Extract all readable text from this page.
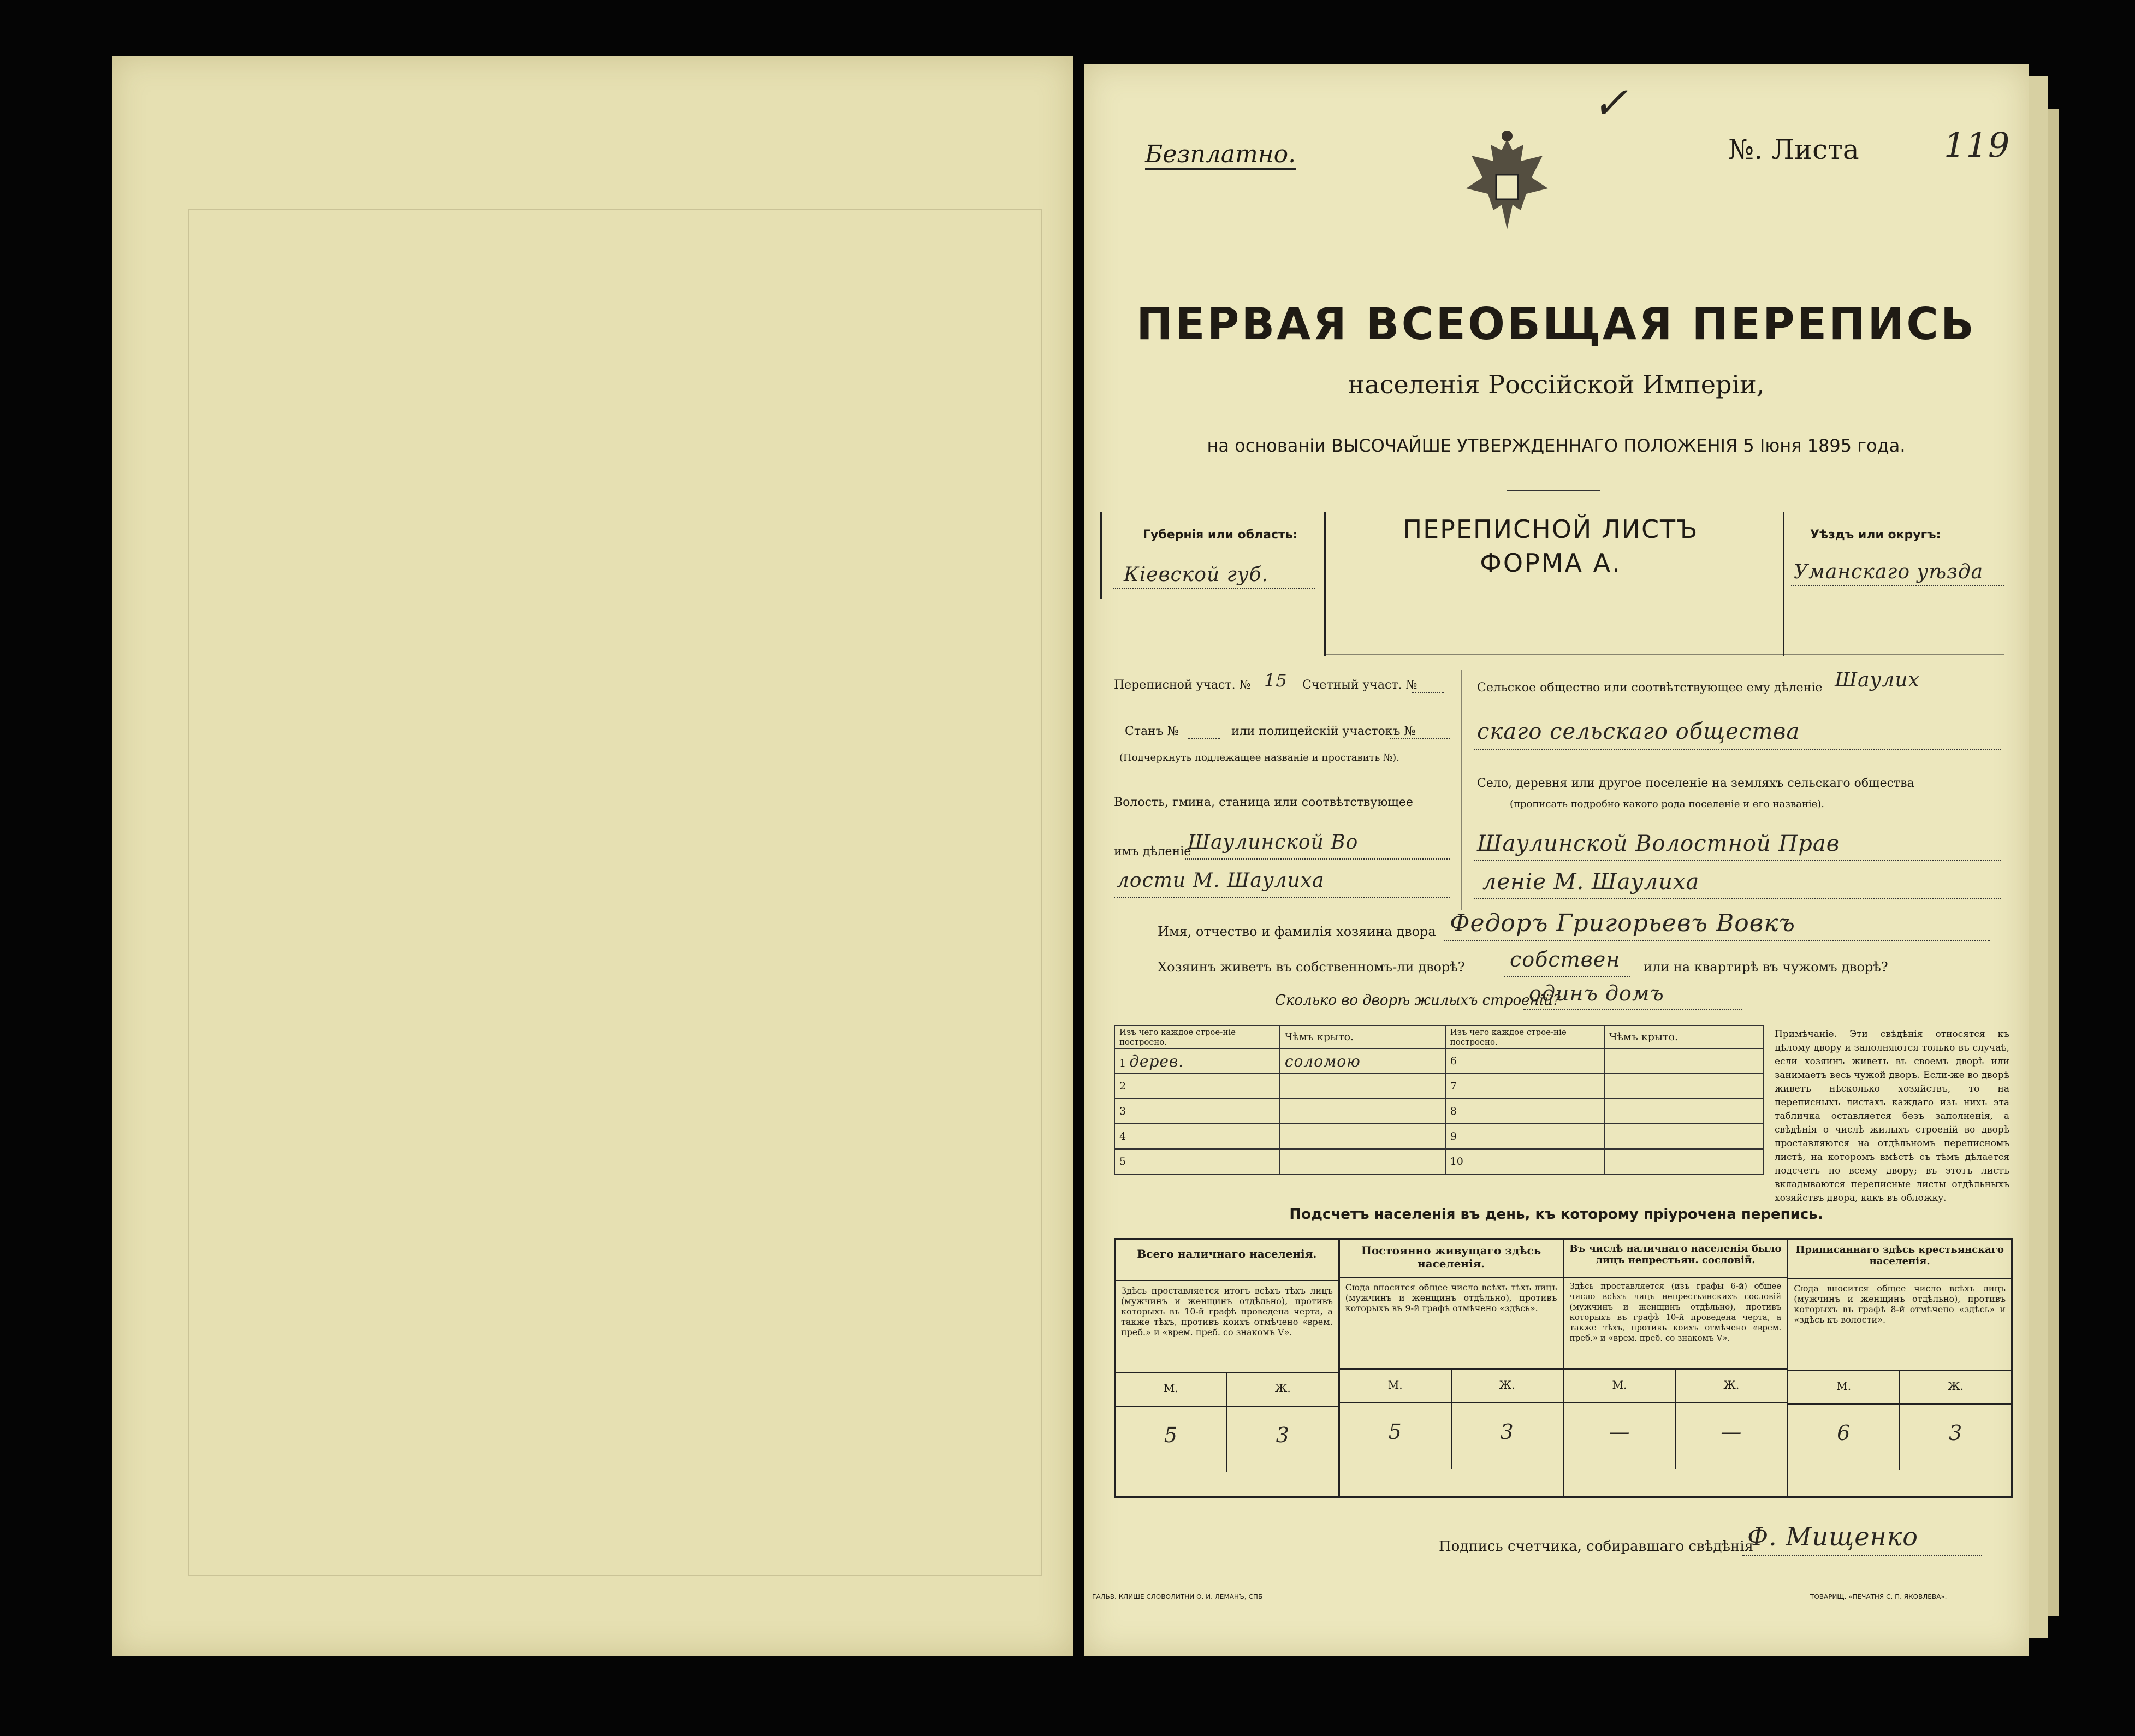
✓
Безплатно.	№. Листа	119
ПЕРВАЯ ВСЕОБЩАЯ ПЕРЕПИСЬ
населенія Россійской Имперіи,
на основаніи ВЫСОЧАЙШЕ УТВЕРЖДЕННАГО ПОЛОЖЕНІЯ 5 Іюня 1895 года.
Губернія или область:
Кіевской губ.
ПЕРЕПИСНОЙ ЛИСТЪ
ФОРМА А.
Уѣздъ или округъ:
Уманскаго уѣзда
Переписной участ. № 15 Счетный участ. №
Станъ №	или полицейскій участокъ №
(Подчеркнуть подлежащее названіе и проставить №).
Волость, гмина, станица или соотвѣтствующее
имъ дѣленіе
Шаулинской Во
лости М. Шаулиха
Сельское общество или соотвѣтствующее ему дѣленіе Шаулих
скаго сельскаго общества
Село, деревня или другое поселеніе на земляхъ сельскаго общества
(прописать подробно какого рода поселеніе и его названіе).
Шаулинской Волостной Прав
леніе М. Шаулиха
Имя, отчество и фамилія хозяина двора Федоръ Григорьевъ Вовкъ
Хозяинъ живетъ въ собственномъ-ли дворѣ? собствен или на квартирѣ въ чужомъ дворѣ?
Сколько во дворѣ жилыхъ строеній?
одинъ домъ
Изъ чего каждое строе-ніе построено.	Чѣмъ крыто.	Изъ чего каждое строе-ніе построено.	Чѣмъ крыто.
1 дерев.	соломою	6	
2		7	
3		8	
4		9	
5		10	
Примѣчаніе. Эти свѣдѣнія относятся къ цѣлому двору и заполняются только въ случаѣ, если хозяинъ живетъ въ своемъ дворѣ или занимаетъ весь чужой дворъ. Если-же во дворѣ живетъ нѣсколько хозяйствъ, то на переписныхъ листахъ каждаго изъ нихъ эта табличка оставляется безъ заполненія, а свѣдѣнія о числѣ жилыхъ строеній во дворѣ проставляются на отдѣльномъ переписномъ листѣ, на которомъ вмѣстѣ съ тѣмъ дѣлается подсчетъ по всему двору; въ этотъ листъ вкладываются переписные листы отдѣльныхъ хозяйствъ двора, какъ въ обложку.
Подсчетъ населенія въ день, къ которому пріурочена перепись.
Всего наличнаго населенія.
Здѣсь проставляется итогъ всѣхъ тѣхъ лицъ (мужчинъ и женщинъ отдѣльно), противъ которыхъ въ 10-й графѣ проведена черта, а также тѣхъ, противъ коихъ отмѣчено «врем. преб.» и «врем. преб. со знакомъ V».
М.	Ж.
5	3
Постоянно живущаго здѣсь населенія.
Сюда вносится общее число всѣхъ тѣхъ лицъ (мужчинъ и женщинъ отдѣльно), противъ которыхъ въ 9-й графѣ отмѣчено «здѣсь».
М.	Ж.
5	3
Въ числѣ наличнаго населенія было лицъ непрестьян. сословій.
Здѣсь проставляется (изъ графы 6-й) общее число всѣхъ лицъ непрестьянскихъ сословій (мужчинъ и женщинъ отдѣльно), противъ которыхъ въ графѣ 10-й проведена черта, а также тѣхъ, противъ коихъ отмѣчено «врем. преб.» и «врем. преб. со знакомъ V».
М.	Ж.
—	—
Приписаннаго здѣсь крестьянскаго населенія.
Сюда вносится общее число всѣхъ лицъ (мужчинъ и женщинъ отдѣльно), противъ которыхъ въ графѣ 8-й отмѣчено «здѣсь» и «здѣсь къ волости».
М.	Ж.
6	3
Подпись счетчика, собиравшаго свѣдѣнія
Ф. Мищенко
ГАЛЬВ. КЛИШЕ СЛОВОЛИТНИ О. И. ЛЕМАНЪ, СПБ	ТОВАРИЩ. «ПЕЧАТНЯ С. П. ЯКОВЛЕВА».
